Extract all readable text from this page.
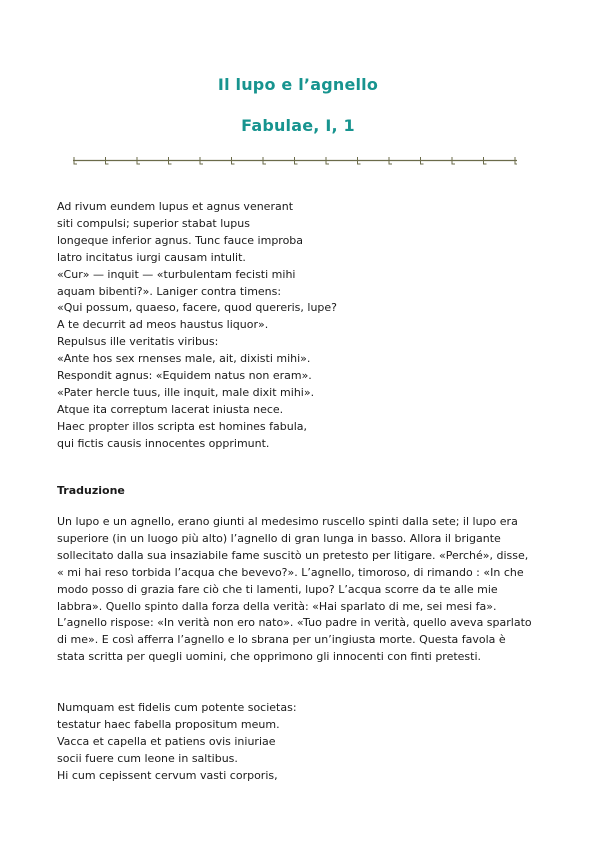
Il lupo e l’agnello
Fabulae, I, 1
Ad rivum eundem lupus et agnus venerant
siti compulsi; superior stabat lupus
longeque inferior agnus. Tunc fauce improba
latro incitatus iurgi causam intulit.
«Cur» — inquit — «turbulentam fecisti mihi
aquam bibenti?». Laniger contra timens:
«Qui possum, quaeso, facere, quod quereris, lupe?
A te decurrit ad meos haustus liquor».
Repulsus ille veritatis viribus:
«Ante hos sex rnenses male, ait, dixisti mihi».
Respondit agnus: «Equidem natus non eram».
«Pater hercle tuus, ille inquit, male dixit mihi».
Atque ita correptum lacerat iniusta nece.
Haec propter illos scripta est homines fabula,
qui fictis causis innocentes opprimunt.
Traduzione
Un lupo e un agnello, erano giunti al medesimo ruscello spinti dalla sete; il lupo era
superiore (in un luogo più alto) l’agnello di gran lunga in basso. Allora il brigante
sollecitato dalla sua insaziabile fame suscitò un pretesto per litigare. «Perché», disse,
« mi hai reso torbida l’acqua che bevevo?». L’agnello, timoroso, di rimando : «In che
modo posso di grazia fare ciò che ti lamenti, lupo? L’acqua scorre da te alle mie
labbra». Quello spinto dalla forza della verità: «Hai sparlato di me, sei mesi fa».
L’agnello rispose: «In verità non ero nato». «Tuo padre in verità, quello aveva sparlato
di me». E così afferra l’agnello e lo sbrana per un’ingiusta morte. Questa favola è
stata scritta per quegli uomini, che opprimono gli innocenti con finti pretesti.
Numquam est fidelis cum potente societas:
testatur haec fabella propositum meum.
Vacca et capella et patiens ovis iniuriae
socii fuere cum leone in saltibus.
Hi cum cepissent cervum vasti corporis,
